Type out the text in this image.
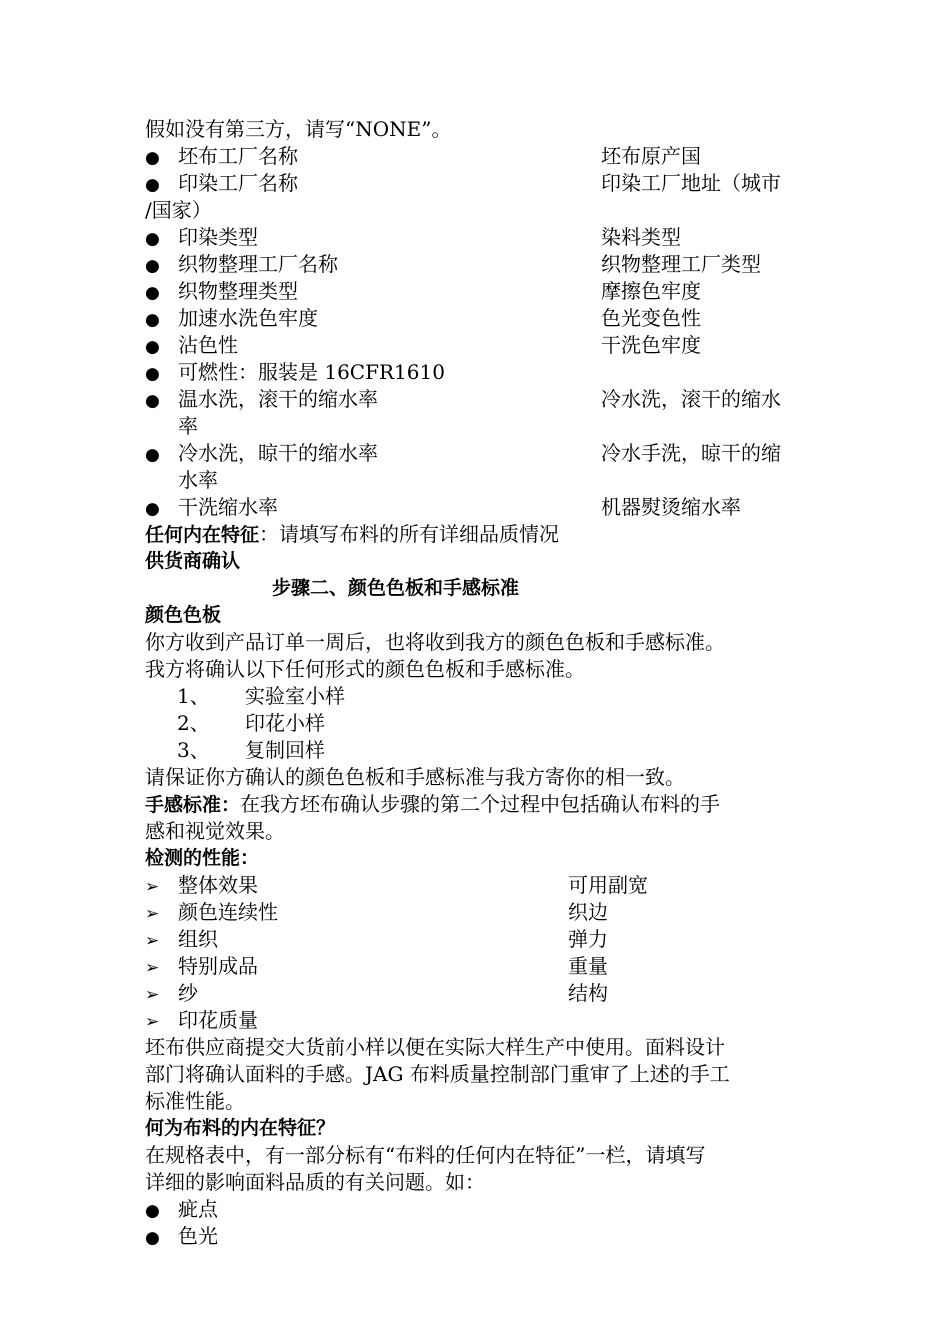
假如没有第三方，请写“NONE”。
●
坯布工厂名称	坯布原产国
●
印染工厂名称	印染工厂地址（城市
/国家）
●
印染类型	染料类型
●
织物整理工厂名称	织物整理工厂类型
●
织物整理类型	摩擦色牢度
●
加速水洗色牢度	色光变色性
●
沾色性	干洗色牢度
●
可燃性：服装是 16CFR1610
●
温水洗，滚干的缩水率	冷水洗，滚干的缩水
率
●
冷水洗，晾干的缩水率	冷水手洗，晾干的缩
水率
●
干洗缩水率	机器熨烫缩水率
任何内在特征：请填写布料的所有详细品质情况
供货商确认
步骤二、颜色色板和手感标准
颜色色板
你方收到产品订单一周后，也将收到我方的颜色色板和手感标准。
我方将确认以下任何形式的颜色色板和手感标准。
1、 实验室小样
2、 印花小样
3、 复制回样
请保证你方确认的颜色色板和手感标准与我方寄你的相一致。
手感标准：在我方坯布确认步骤的第二个过程中包括确认布料的手
感和视觉效果。
检测的性能：
➢
整体效果	可用副宽
➢
颜色连续性	织边
➢
组织	弹力
➢
特别成品	重量
➢
纱	结构
➢
印花质量
坯布供应商提交大货前小样以便在实际大样生产中使用。面料设计
部门将确认面料的手感。JAG 布料质量控制部门重审了上述的手工
标准性能。
何为布料的内在特征？
在规格表中，有一部分标有“布料的任何内在特征”一栏，请填写
详细的影响面料品质的有关问题。如：
●
疵点
●
色光
